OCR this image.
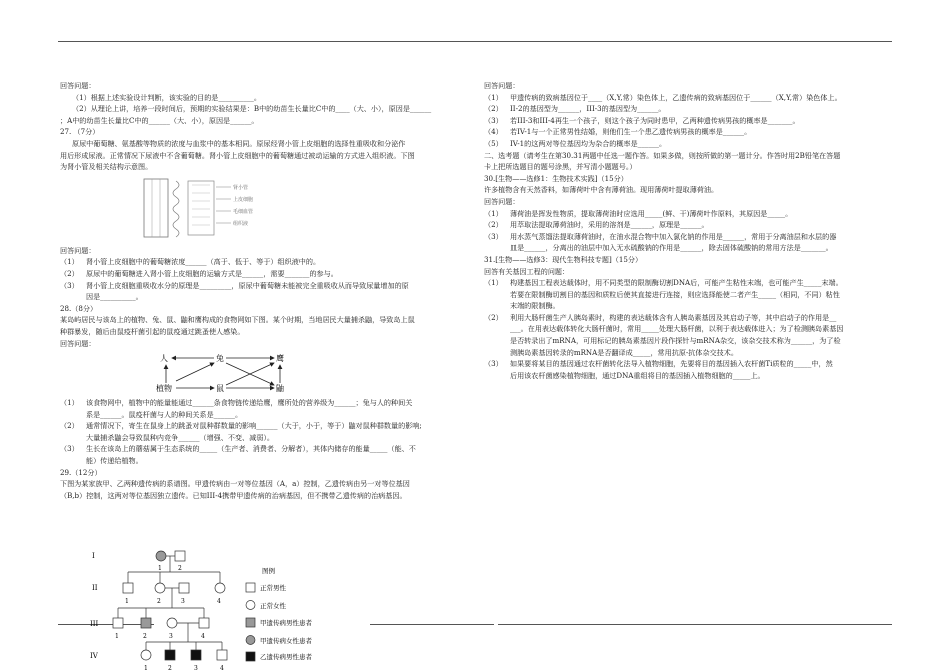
回答问题：
（1）根据上述实验设计判断，该实验的目的是__________。
（2）从理论上讲，培养一段时间后，预期的实验结果是：B中的幼苗生长量比C中的____（大、小），原因是______
；A中的幼苗生长量比C中的______（大、小），原因是______。
27. （7分）
原尿中葡萄糖、氨基酸等物质的浓度与血浆中的基本相同。原尿经肾小管上皮细胞的选择性重吸收和分泌作
用后形成尿液。正常情况下尿液中不含葡萄糖。肾小管上皮细胞中的葡萄糖通过被动运输的方式进入组织液。下图
为肾小管及相关结构示意图。
肾小管
上皮细胞
毛细血管
组织液
回答问题：
（1）	肾小管上皮细胞中的葡萄糖浓度______（高于、低于、等于）组织液中的。
（2）	原尿中的葡萄糖进入肾小管上皮细胞的运输方式是______，需要_______的参与。
（3）	肾小管上皮细胞重吸收水分的原理是_________，原尿中葡萄糖未能被完全重吸收从而导致尿量增加的原
因是__________。
28.（8分）
某岛屿居民与该岛上的植物、兔、鼠、鼬和鹰构成的食物网如下图。某个时期，当地居民大量捕杀鼬，导致岛上鼠
种群暴发，随后由鼠疫杆菌引起的鼠疫通过跳蚤使人感染。
回答问题：
人	兔	鹰
植物	鼠	鼬
（1）	该食物网中，植物中的能量能通过______条食物链传递给鹰，鹰所处的营养级为______；兔与人的种间关
系是______。鼠疫杆菌与人的种间关系是______。
（2）	通常情况下，寄生在鼠身上的跳蚤对鼠种群数量的影响______（大于，小于，等于）鼬对鼠种群数量的影响;
大量捕杀鼬会导致鼠种内竞争______（增强、不变、减弱）。
（3）	生长在该岛上的蘑菇属于生态系统的_____（生产者、消费者、分解者），其体内储存的能量_____（能、不
能）传递给植物。
29.（12分）
下图为某家族甲、乙两种遗传病的系谱图。甲遗传病由一对等位基因（A，a）控制，乙遗传病由另一对等位基因
（B,b）控制，这两对等位基因独立遗传。已知III-4携带甲遗传病的治病基因，但不携带乙遗传病的治病基因。
I
II
III
IV
1	2
1	2	3	4
1	2	3	4
1	2	3	4
图例
正常男性
正常女性
甲遗传病男性患者
甲遗传病女性患者
乙遗传病男性患者
回答问题：
（1）	甲遗传病的致病基因位于____（X,Y,常）染色体上，乙遗传病的致病基因位于______（X,Y,常）染色体上。
（2）	II-2的基因型为______，III-3的基因型为______。
（3）	若III-3和III-4再生一个孩子，则这个孩子为同时患甲，乙两种遗传病男孩的概率是_______。
（4）	若IV-1与一个正常男性结婚，则他们生一个患乙遗传病男孩的概率是______。
（5）	IV-1的这两对等位基因均为杂合的概率是______。
二、选考题（请考生在第30.31两题中任选一题作答。如果多做，则按所做的第一题计分。作答时用2B铅笔在答题
卡上把所选题目的题号涂黑，并写清小题题号。）
30.[生物——选修1：生物技术实践]（15分）
许多植物含有天然香料，如薄荷叶中含有薄荷油。现用薄荷叶提取薄荷油。
回答问题：
（1）	薄荷油是挥发性物质，提取薄荷油时应选用_____(鲜、干)薄荷叶作原料，其原因是_____。
（2）	用萃取法提取薄荷油时，采用的溶剂是______，原理是______。
（3）	用水蒸气蒸馏法提取薄荷油时，在油水混合物中加入氯化钠的作用是______，常用于分离油层和水层的器
皿是______，分离出的油层中加入无水硫酸钠的作用是______，除去固体硫酸钠的常用方法是_______。
31.[生物——选修3：现代生物科技专题]（15分）
回答有关基因工程的问题：
（1）	构建基因工程表达载体时，用不同类型的限制酶切割DNA后，可能产生粘性末端，也可能产生_____末端。
若要在限制酶切割目的基因和质粒后使其直接进行连接，则应选择能使二者产生_____（相同，不同）粘性
末端的限制酶。
（2）	利用大肠杆菌生产人胰岛素时，构建的表达载体含有人胰岛素基因及其启动子等，其中启动子的作用是__
___。在用表达载体转化大肠杆菌时，常用_____处理大肠杆菌，以利于表达载体进入；为了检测胰岛素基因
是否转录出了mRNA，可用标记的胰岛素基因片段作探针与mRNA杂交，该杂交技术称为______，为了检
测胰岛素基因转录的mRNA是否翻译成_____，常用抗原-抗体杂交技术。
（3）	如果要将某目的基因通过农杆菌转化法导入植物细胞，先要将目的基因插入农杆菌Ti质粒的_____中，然
后用该农杆菌感染植物细胞，通过DNA重组将目的基因插入植物细胞的_____上。
